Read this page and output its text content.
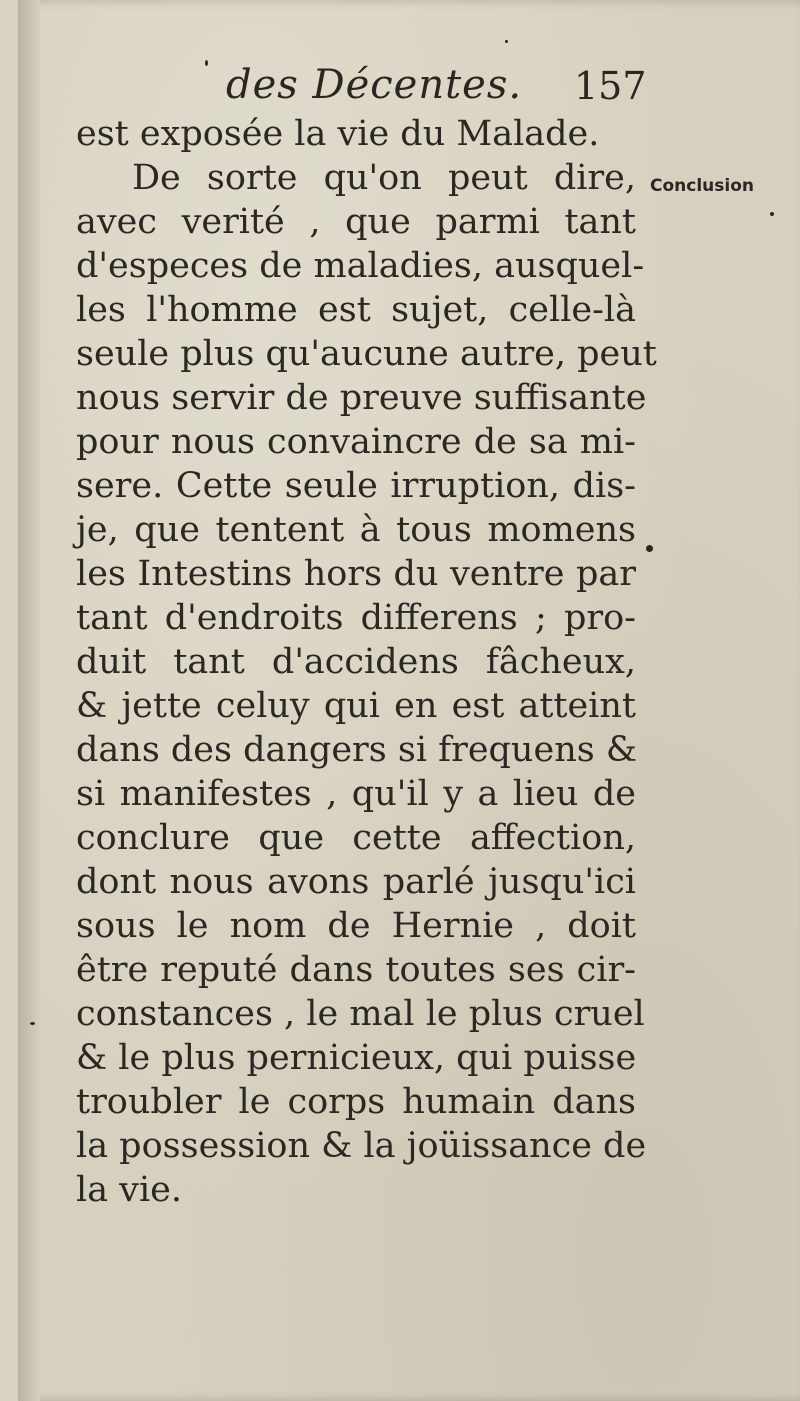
des Décentes. 157
Conclusion
est exposée la vie du Malade.
De sorte qu'on peut dire,
avec verité , que parmi tant
d'especes de maladies, ausquel-
les l'homme est sujet, celle-là
seule plus qu'aucune autre, peut
nous servir de preuve suffisante
pour nous convaincre de sa mi-
sere. Cette seule irruption, dis-
je, que tentent à tous momens
les Intestins hors du ventre par
tant d'endroits differens ; pro-
duit tant d'accidens fâcheux,
& jette celuy qui en est atteint
dans des dangers si frequens &
si manifestes , qu'il y a lieu de
conclure que cette affection,
dont nous avons parlé jusqu'ici
sous le nom de Hernie , doit
être reputé dans toutes ses cir-
constances , le mal le plus cruel
& le plus pernicieux, qui puisse
troubler le corps humain dans
la possession & la joüissance de
la vie.
